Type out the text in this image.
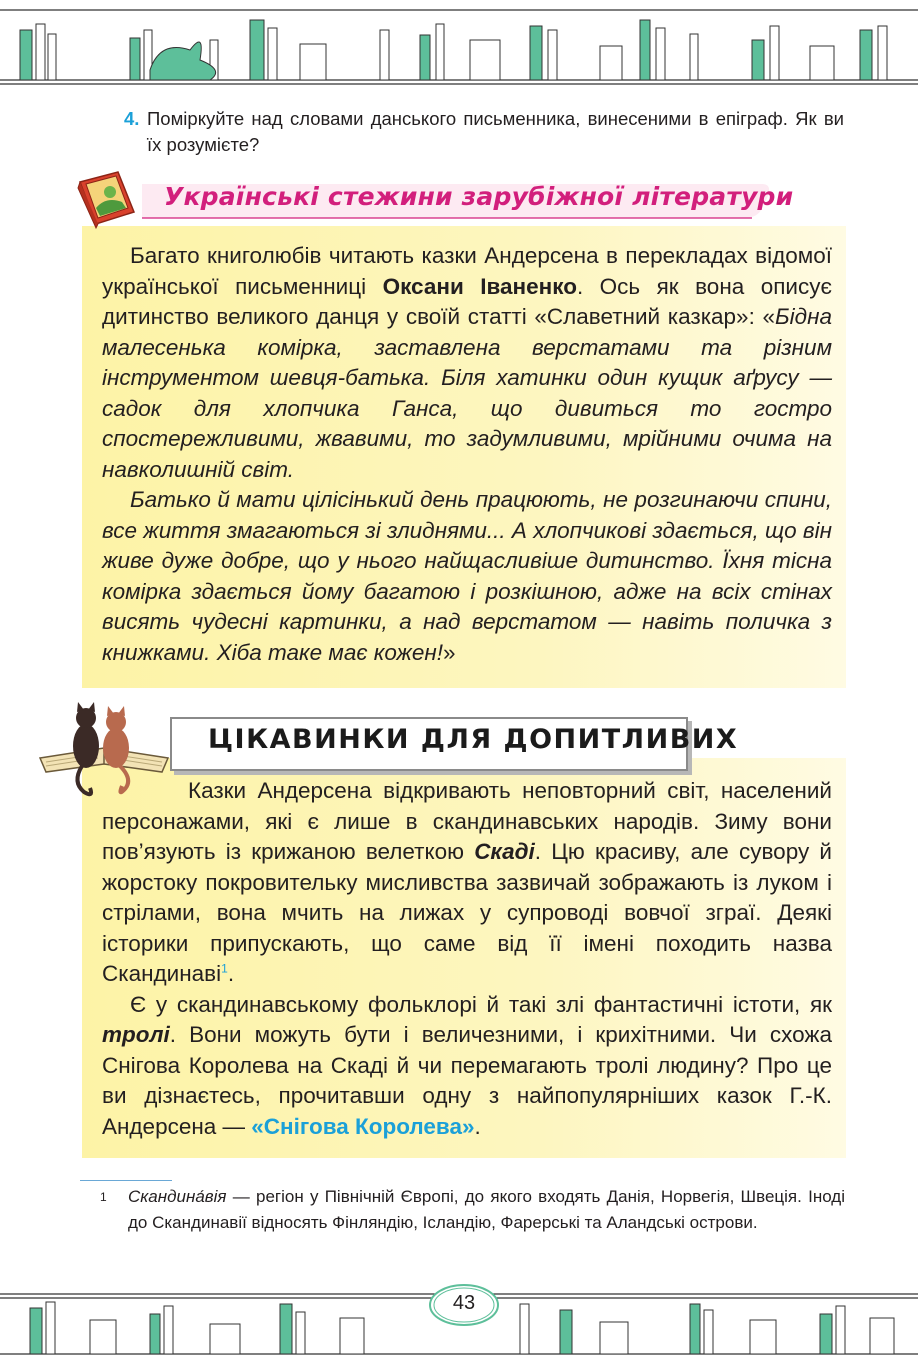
4. Поміркуйте над словами данського письменника, винесеними в епіграф. Як ви їх розумієте?
Українські стежини зарубіжної літератури

Багато книголюбів читають казки Андерсена в перекладах відомої української письменниці Оксани Іваненко. Ось як вона описує дитинство великого данця у своїй статті «Славетний казкар»: «Бідна малесенька комірка, заставлена верстатами та різним інструментом шевця-батька. Біля хатинки один кущик аґрусу — садок для хлопчика Ганса, що дивиться то гостро спостережливими, жвавими, то задумливими, мрійними очима на навколишній світ.

Батько й мати цілісінький день працюють, не розгинаючи спини, все життя змагаються зі злиднями... А хлопчикові здається, що він живе дуже добре, що у нього найщасливіше дитинство. Їхня тісна комірка здається йому багатою і розкішною, адже на всіх стінах висять чудесні картинки, а над верстатом — навіть поличка з книжками. Хіба таке має кожен!»

ЦІКАВИНКИ ДЛЯ ДОПИТЛИВИХ

Казки Андерсена відкривають неповторний світ, населений персонажами, які є лише в скандинавських народів. Зиму вони пов’язують із крижаною велеткою Скаді. Цю красиву, але сувору й жорстоку покровительку мисливства зазвичай зображають із луком і стрілами, вона мчить на лижах у супроводі вовчої зграї. Деякі історики припускають, що саме від її імені походить назва Скандинаві$^1$.

Є у скандинавському фольклорі й такі злі фантастичні істоти, як тролі. Вони можуть бути і величезними, і крихітними. Чи схожа Снігова Королева на Скаді й чи перемагають тролі людину? Про це ви дізнаєтесь, прочитавши одну з найпопулярніших казок Г.-К. Андерсена — «Снігова Королева».

1 Скандина́вія — регіон у Північній Європі, до якого входять Данія, Норвегія, Швеція. Іноді до Скандинавії відносять Фінляндію, Ісландію, Фарерські та Аландські острови.
43
